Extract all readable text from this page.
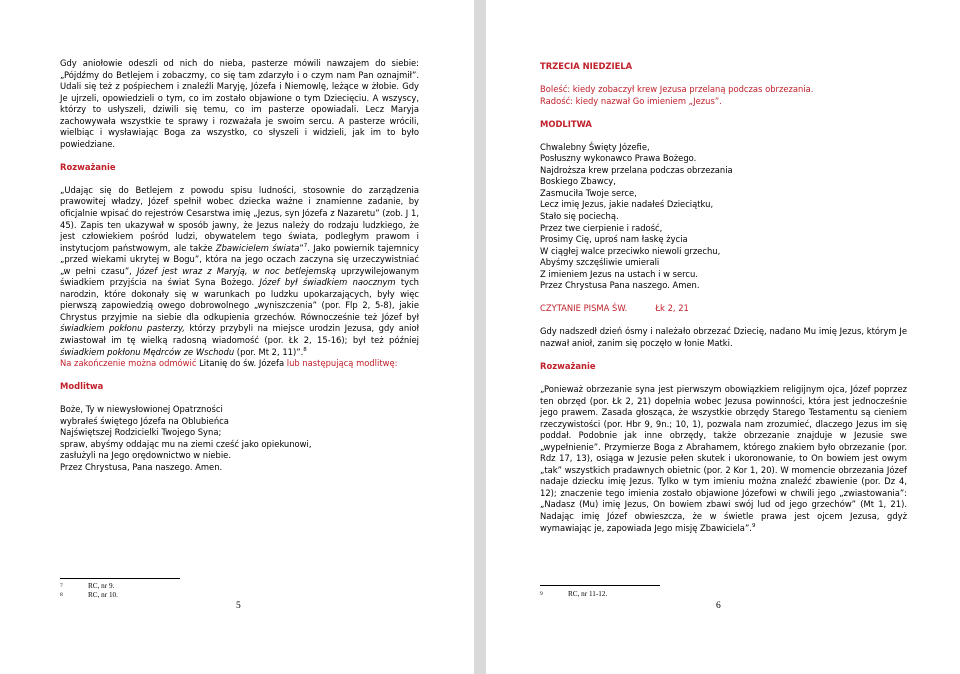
Gdy aniołowie odeszli od nich do nieba, pasterze mówili nawzajem do siebie: „Pójdźmy do Betlejem i zobaczmy, co się tam zdarzyło i o czym nam Pan oznajmił”. Udali się też z pośpiechem i znaleźli Maryję, Józefa i Niemowlę, leżące w żłobie. Gdy Je ujrzeli, opowiedzieli o tym, co im zostało objawione o tym Dziecięciu. A wszyscy, którzy to usłyszeli, dziwili się temu, co im pasterze opowiadali. Lecz Maryja zachowywała wszystkie te sprawy i rozważała je swoim sercu. A pasterze wrócili, wielbiąc i wysławiając Boga za wszystko, co słyszeli i widzieli, jak im to było powiedziane.

Rozważanie

„Udając się do Betlejem z powodu spisu ludności, stosownie do zarządzenia prawowitej władzy, Józef spełnił wobec dziecka ważne i znamienne zadanie, by oficjalnie wpisać do rejestrów Cesarstwa imię „Jezus, syn Józefa z Nazaretu” (zob. J 1, 45). Zapis ten ukazywał w sposób jawny, że Jezus należy do rodzaju ludzkiego, że jest człowiekiem pośród ludzi, obywatelem tego świata, podległym prawom i instytucjom państwowym, ale także Zbawicielem świata”$^7$. Jako powiernik tajemnicy „przed wiekami ukrytej w Bogu”, która na jego oczach zaczyna się urzeczywistniać „w pełni czasu”, Józef jest wraz z Maryją, w noc betlejemską uprzywilejowanym świadkiem przyjścia na świat Syna Bożego. Józef był świadkiem naocznym tych narodzin, które dokonały się w warunkach po ludzku upokarzających, były więc pierwszą zapowiedzią owego dobrowolnego „wyniszczenia” (por. Flp 2, 5-8), jakie Chrystus przyjmie na siebie dla odkupienia grzechów. Równocześnie też Józef był świadkiem pokłonu pasterzy, którzy przybyli na miejsce urodzin Jezusa, gdy anioł zwiastował im tę wielką radosną wiadomość (por. Łk 2, 15-16); był też później świadkiem pokłonu Mędrców ze Wschodu (por. Mt 2, 11)”.$^8$

Na zakończenie można odmówić Litanię do św. Józefa lub następującą modlitwę:

Modlitwa

Boże, Ty w niewysłowionej Opatrzności

wybrałeś świętego Józefa na Oblubieńca

Najświętszej Rodzicielki Twojego Syna;

spraw, abyśmy oddając mu na ziemi cześć jako opiekunowi,

zasłużyli na Jego orędownictwo w niebie.

Przez Chrystusa, Pana naszego. Amen.

7	RC, nr 9.
8	RC, nr 10.
5

TRZECIA NIEDZIELA

Boleść: kiedy zobaczył krew Jezusa przelaną podczas obrzezania.

Radość: kiedy nazwał Go imieniem „Jezus”.

MODLITWA

Chwalebny Święty Józefie,

Posłuszny wykonawco Prawa Bożego.

Najdroższa krew przelana podczas obrzezania

Boskiego Zbawcy,

Zasmuciła Twoje serce,

Lecz imię Jezus, jakie nadałeś Dzieciątku,

Stało się pociechą.

Przez twe cierpienie i radość,

Prosimy Cię, uproś nam łaskę życia

W ciągłej walce przeciwko niewoli grzechu,

Abyśmy szczęśliwie umierali

Z imieniem Jezus na ustach i w sercu.

Przez Chrystusa Pana naszego. Amen.

CZYTANIE PISMA ŚW.	Łk 2, 21

Gdy nadszedł dzień ósmy i należało obrzezać Dziecię, nadano Mu imię Jezus, którym Je nazwał anioł, zanim się poczęło w łonie Matki.

Rozważanie

„Ponieważ obrzezanie syna jest pierwszym obowiązkiem religijnym ojca, Józef poprzez ten obrzęd (por. Łk 2, 21) dopełnia wobec Jezusa powinności, która jest jednocześnie jego prawem. Zasada głosząca, że wszystkie obrzędy Starego Testamentu są cieniem rzeczywistości (por. Hbr 9, 9n.; 10, 1), pozwala nam zrozumieć, dlaczego Jezus im się poddał. Podobnie jak inne obrzędy, także obrzezanie znajduje w Jezusie swe „wypełnienie”. Przymierze Boga z Abrahamem, którego znakiem było obrzezanie (por. Rdz 17, 13), osiąga w Jezusie pełen skutek i ukoronowanie, to On bowiem jest owym „tak” wszystkich pradawnych obietnic (por. 2 Kor 1, 20). W momencie obrzezania Józef nadaje dziecku imię Jezus. Tylko w tym imieniu można znaleźć zbawienie (por. Dz 4, 12); znaczenie tego imienia zostało objawione Józefowi w chwili jego „zwiastowania”: „Nadasz (Mu) imię Jezus, On bowiem zbawi swój lud od jego grzechów” (Mt 1, 21). Nadając imię Józef obwieszcza, że w świetle prawa jest ojcem Jezusa, gdyż wymawiając je, zapowiada Jego misję Zbawiciela”.$^9$

9	RC, nr 11-12.
6
